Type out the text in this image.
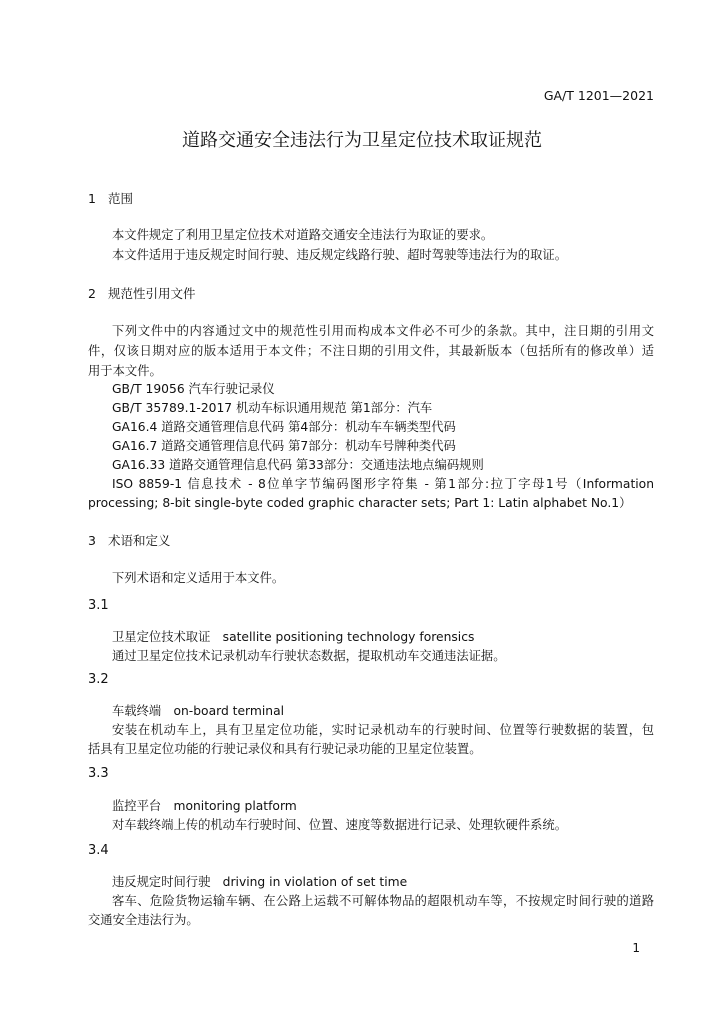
GA/T 1201—2021
道路交通安全违法行为卫星定位技术取证规范
1 范围
本文件规定了利用卫星定位技术对道路交通安全违法行为取证的要求。
本文件适用于违反规定时间行驶、违反规定线路行驶、超时驾驶等违法行为的取证。
2 规范性引用文件
下列文件中的内容通过文中的规范性引用而构成本文件必不可少的条款。其中，注日期的引用文
件，仅该日期对应的版本适用于本文件；不注日期的引用文件，其最新版本（包括所有的修改单）适
用于本文件。
GB/T 19056 汽车行驶记录仪
GB/T 35789.1-2017 机动车标识通用规范 第1部分：汽车
GA16.4 道路交通管理信息代码 第4部分：机动车车辆类型代码
GA16.7 道路交通管理信息代码 第7部分：机动车号牌种类代码
GA16.33 道路交通管理信息代码 第33部分：交通违法地点编码规则
ISO 8859-1 信息技术 - 8位单字节编码图形字符集 - 第1部分:拉丁字母1号（Information
processing; 8-bit single-byte coded graphic character sets; Part 1: Latin alphabet No.1）
3 术语和定义
下列术语和定义适用于本文件。
3.1
卫星定位技术取证　satellite positioning technology forensics
通过卫星定位技术记录机动车行驶状态数据，提取机动车交通违法证据。
3.2
车载终端　on-board terminal
安装在机动车上，具有卫星定位功能，实时记录机动车的行驶时间、位置等行驶数据的装置，包
括具有卫星定位功能的行驶记录仪和具有行驶记录功能的卫星定位装置。
3.3
监控平台　monitoring platform
对车载终端上传的机动车行驶时间、位置、速度等数据进行记录、处理软硬件系统。
3.4
违反规定时间行驶　driving in violation of set time
客车、危险货物运输车辆、在公路上运载不可解体物品的超限机动车等，不按规定时间行驶的道路
交通安全违法行为。
1
